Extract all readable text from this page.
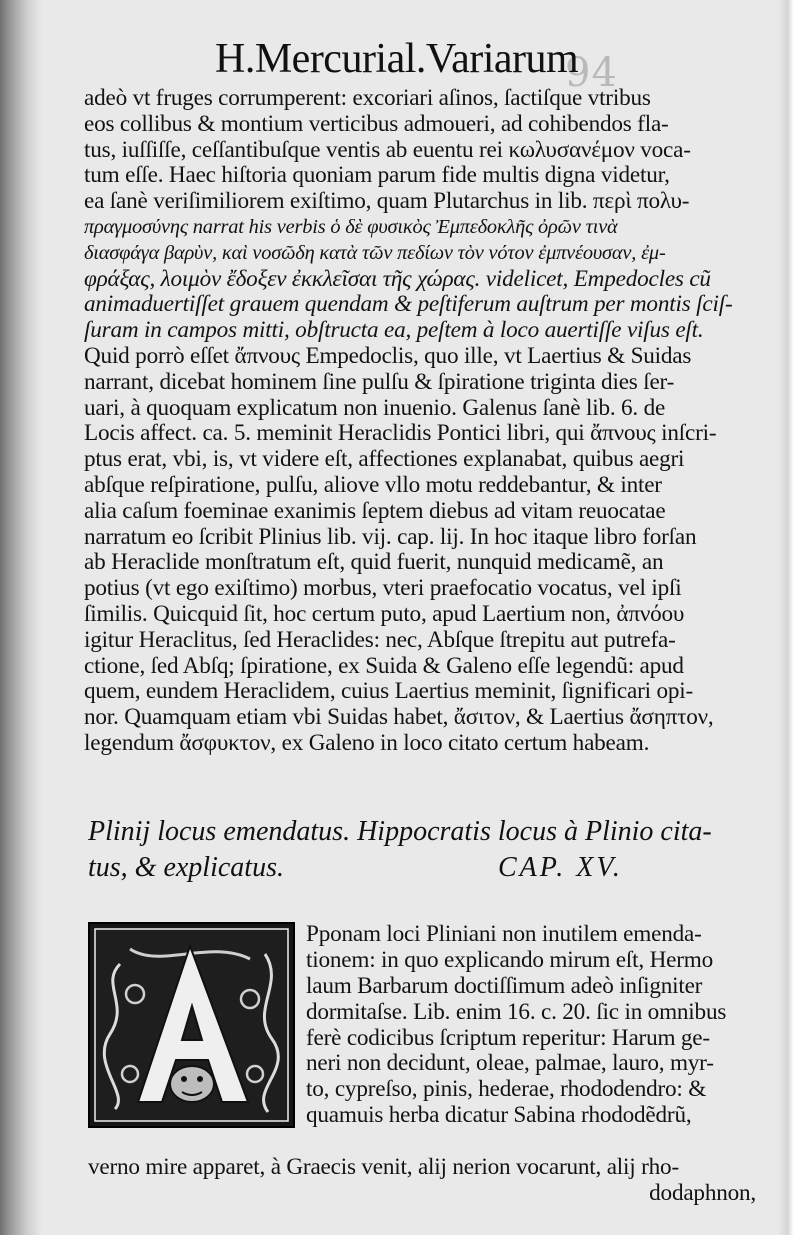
94
H.Mercurial.Variarum
adeò vt fruges corrumperent: excoriari aſinos, ſactiſque vtribus
eos collibus & montium verticibus admoueri, ad cohibendos fla-
tus, iuſſiſſe, ceſſantibuſque ventis ab euentu rei κωλυσανέμον voca-
tum eſſe. Haec hiſtoria quoniam parum fide multis digna videtur,
ea ſanè veriſimiliorem exiſtimo, quam Plutarchus in lib. περὶ πολυ-
πραγμοσύνης narrat his verbis ὁ δὲ φυσικὸς Ἐμπεδοκλῆς ὀρῶν τινὰ
διασφάγα βαρὺν, καὶ νοσῶδη κατὰ τῶν πεδίων τὸν νότον ἐμπνέουσαν, ἐμ-
φράξας, λοιμὸν ἔδοξεν ἐκκλεῖσαι τῆς χώρας. videlicet, Empedocles cũ
animaduertiſſet grauem quendam & peſtiferum auſtrum per montis ſciſ-
ſuram in campos mitti, obſtructa ea, peſtem à loco auertiſſe viſus eſt.
Quid porrò eſſet ἄπνους Empedoclis, quo ille, vt Laertius & Suidas
narrant, dicebat hominem ſine pulſu & ſpiratione triginta dies ſer-
uari, à quoquam explicatum non inuenio. Galenus ſanè lib. 6. de
Locis affect. ca. 5. meminit Heraclidis Pontici libri, qui ἄπνους inſcri-
ptus erat, vbi, is, vt videre eſt, affectiones explanabat, quibus aegri
abſque reſpiratione, pulſu, aliove vllo motu reddebantur, & inter
alia caſum foeminae exanimis ſeptem diebus ad vitam reuocatae
narratum eo ſcribit Plinius lib. vij. cap. lij. In hoc itaque libro forſan
ab Heraclide monſtratum eſt, quid fuerit, nunquid medicamẽ, an
potius (vt ego exiſtimo) morbus, vteri praefocatio vocatus, vel ipſi
ſimilis. Quicquid ſit, hoc certum puto, apud Laertium non, ἀπνόου
igitur Heraclitus, ſed Heraclides: nec, Abſque ſtrepitu aut putrefa-
ctione, ſed Abſq; ſpiratione, ex Suida & Galeno eſſe legendũ: apud
quem, eundem Heraclidem, cuius Laertius meminit, ſignificari opi-
nor. Quamquam etiam vbi Suidas habet, ἄσιτον, & Laertius ἄσηπτον,
legendum ἄσφυκτον, ex Galeno in loco citato certum habeam.
Plinij locus emendatus. Hippocratis locus à Plinio cita-
tus, & explicatus.	CAP. XV.
Pponam loci Pliniani non inutilem emenda-
tionem: in quo explicando mirum eſt, Hermo
laum Barbarum doctiſſimum adeò inſigniter
dormitaſse. Lib. enim 16. c. 20. ſic in omnibus
ferè codicibus ſcriptum reperitur: Harum ge-
neri non decidunt, oleae, palmae, lauro, myr-
to, cypreſso, pinis, hederae, rhododendro: &
quamuis herba dicatur Sabina rhododẽdrũ,
verno mire apparet, à Graecis venit, alij nerion vocarunt, alij rho-
dodaphnon,
